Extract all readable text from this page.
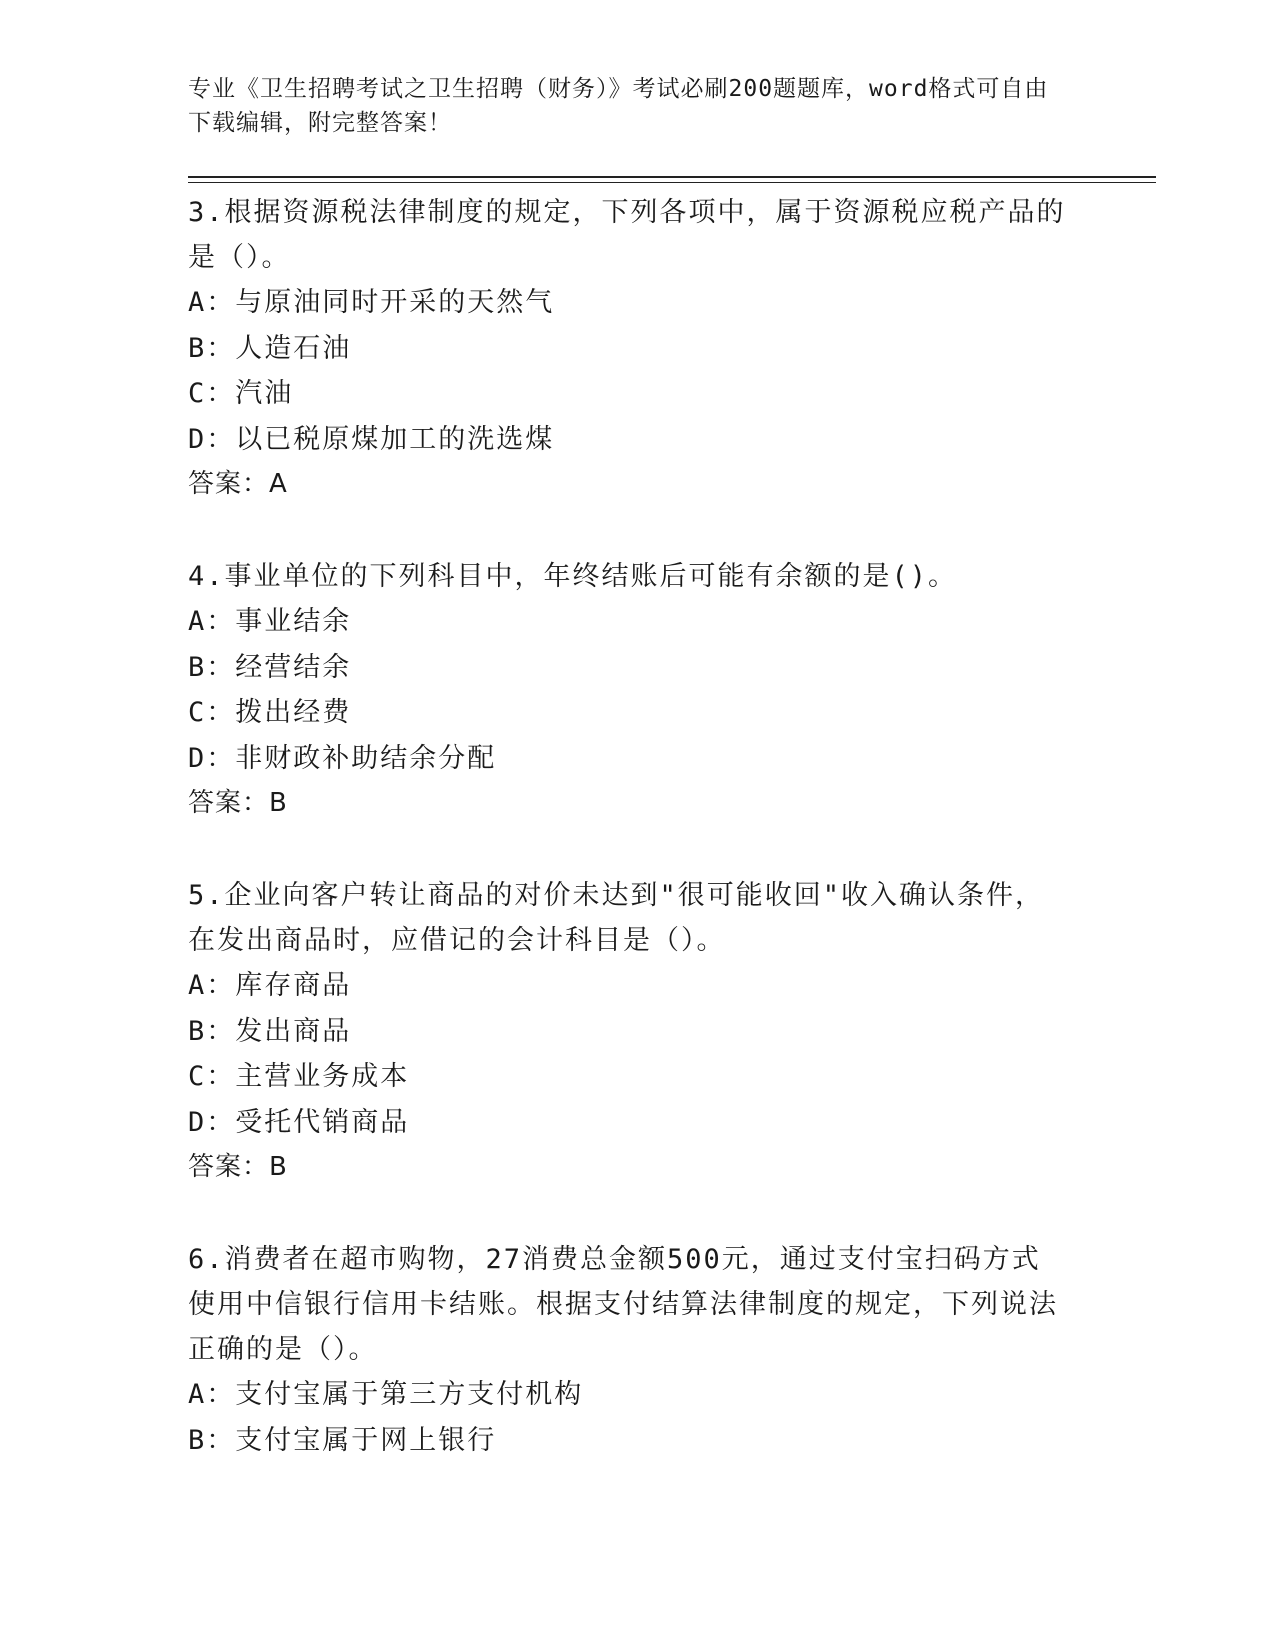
专业《卫生招聘考试之卫生招聘（财务）》考试必刷200题题库，word格式可自由下载编辑，附完整答案！

3.根据资源税法律制度的规定，下列各项中，属于资源税应税产品的是（）。

A：与原油同时开采的天然气

B：人造石油

C：汽油

D：以已税原煤加工的洗选煤

答案：A

4.事业单位的下列科目中，年终结账后可能有余额的是()。

A：事业结余

B：经营结余

C：拨出经费

D：非财政补助结余分配

答案：B

5.企业向客户转让商品的对价未达到"很可能收回"收入确认条件，在发出商品时，应借记的会计科目是（）。

A：库存商品

B：发出商品

C：主营业务成本

D：受托代销商品

答案：B

6.消费者在超市购物，27消费总金额500元，通过支付宝扫码方式使用中信银行信用卡结账。根据支付结算法律制度的规定，下列说法正确的是（）。

A：支付宝属于第三方支付机构

B：支付宝属于网上银行
